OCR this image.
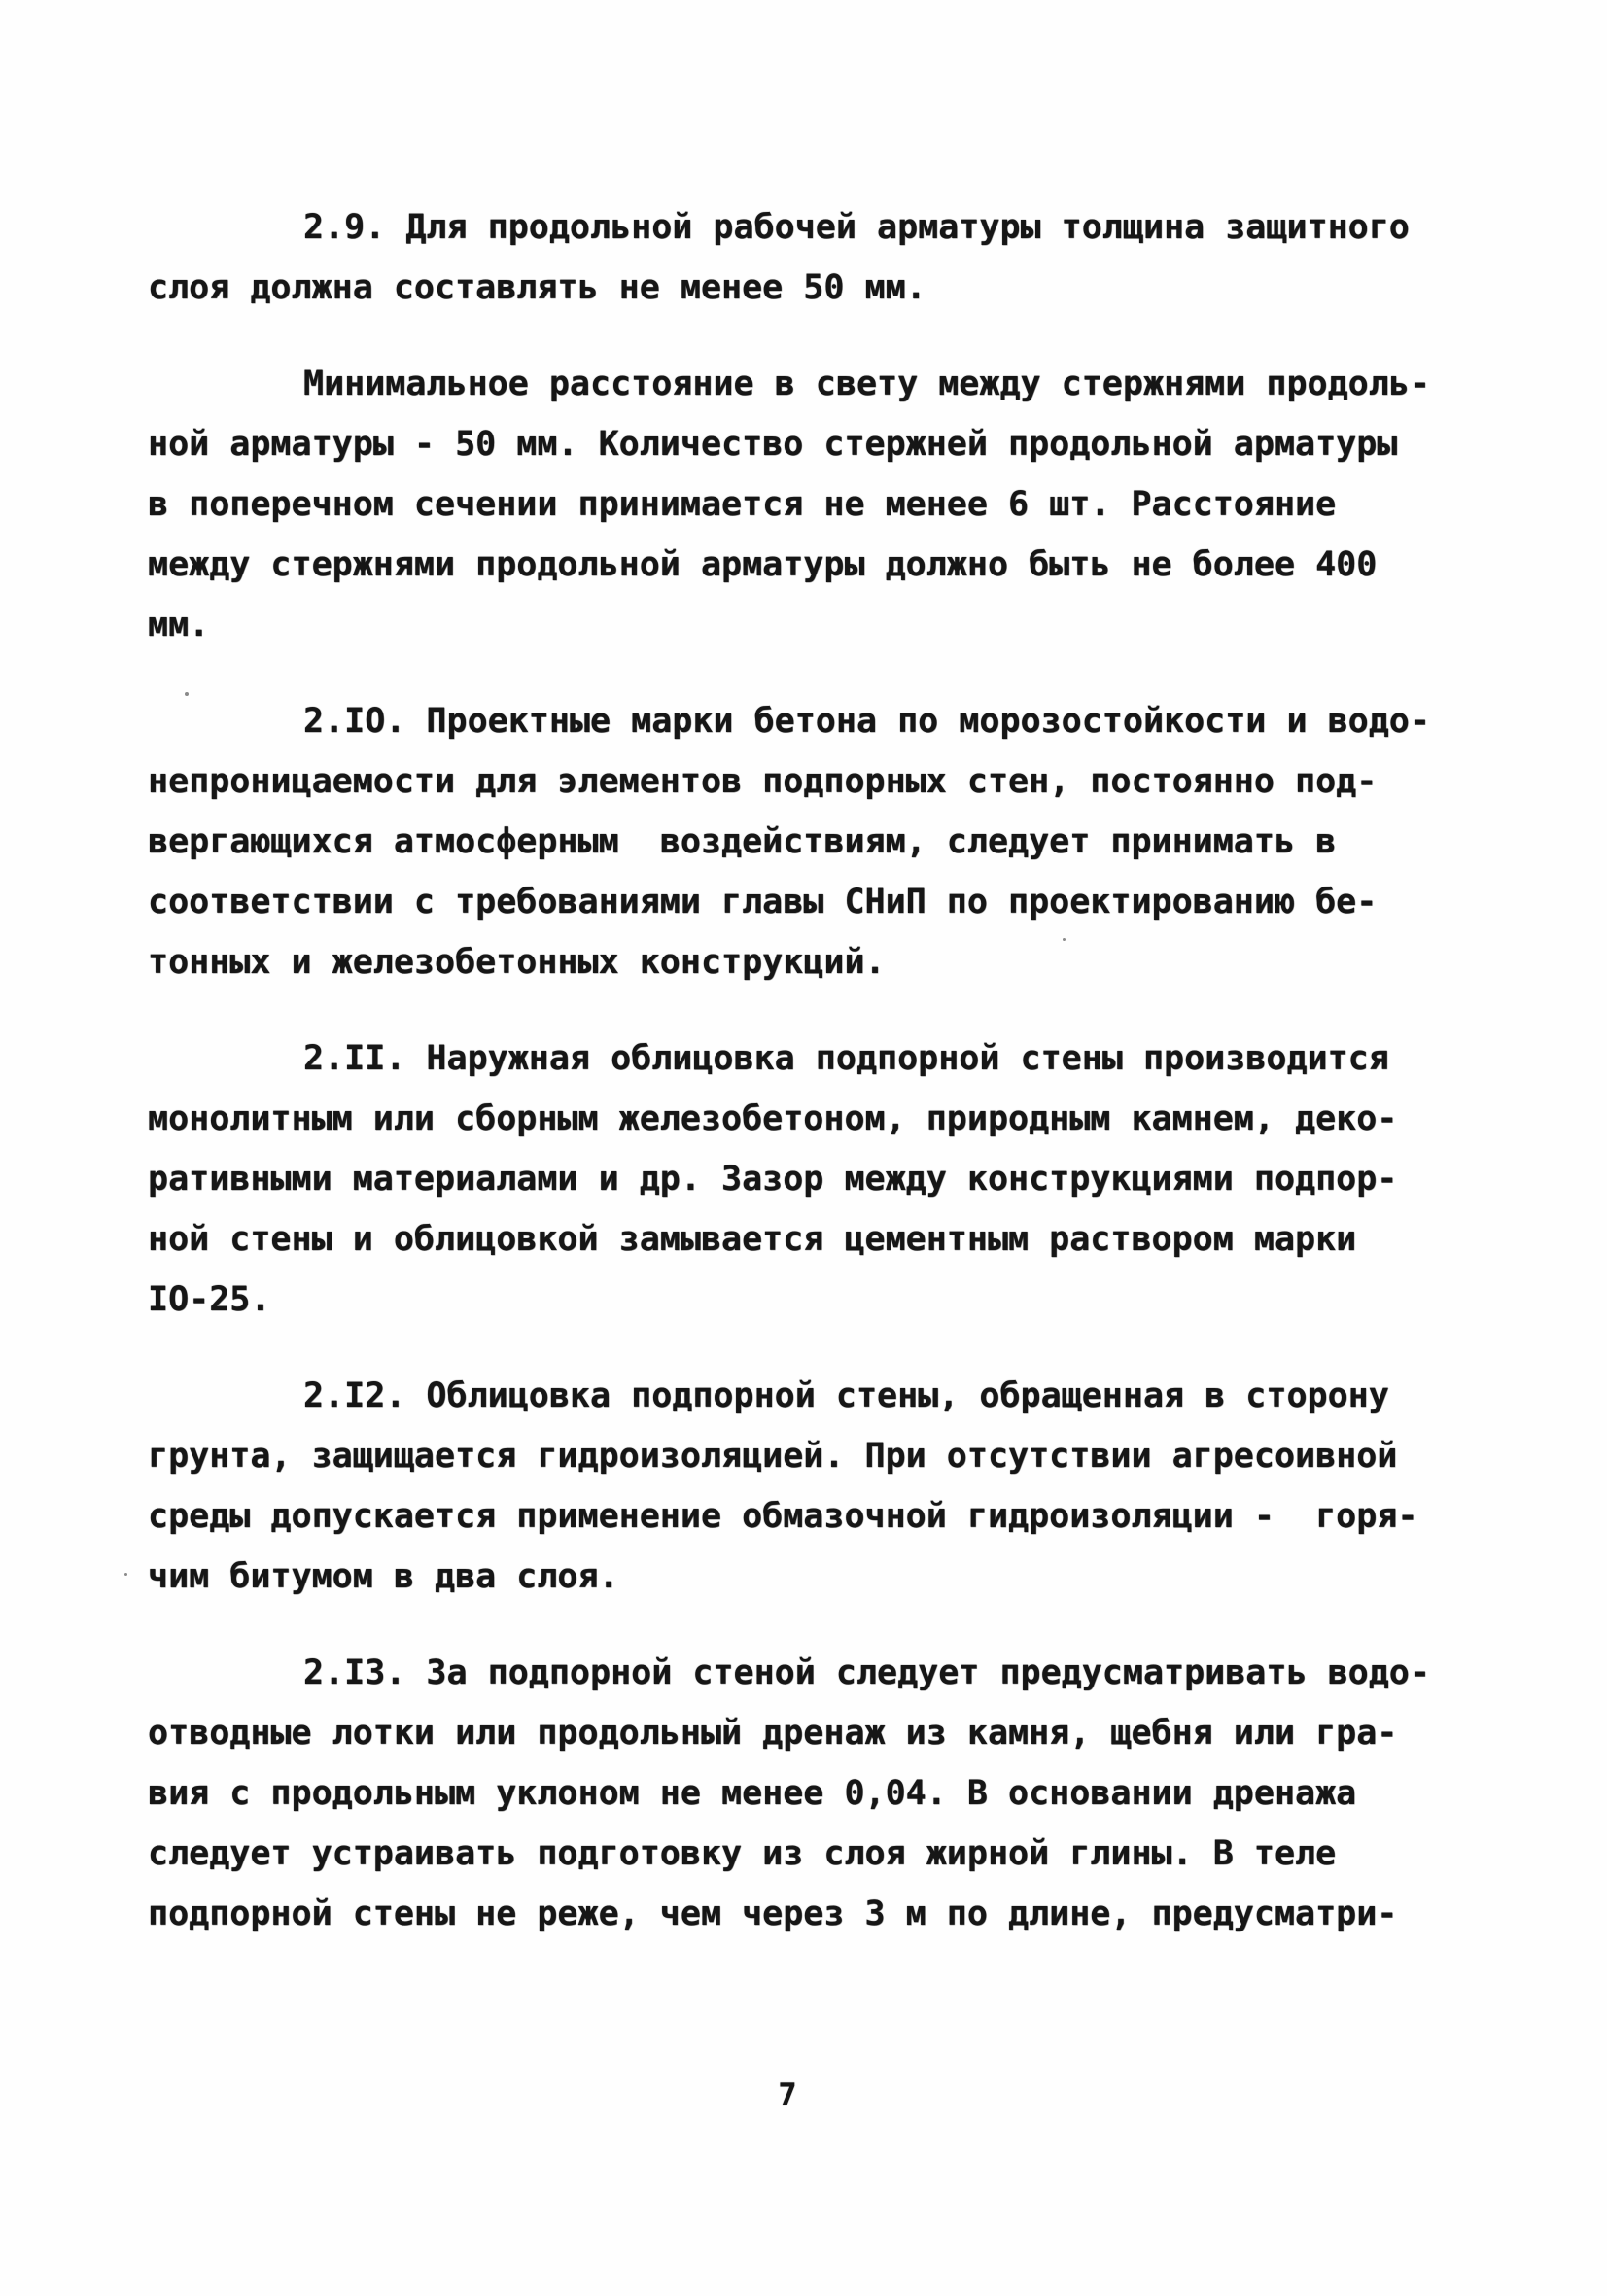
2.9. Для продольной рабочей арматуры толщина защитного
слоя должна составлять не менее 50 мм.
Минимальное расстояние в свету между стержнями продоль-
ной арматуры - 50 мм. Количество стержней продольной арматуры
в поперечном сечении принимается не менее 6 шт. Расстояние
между стержнями продольной арматуры должно быть не более 400
мм.
2.IO. Проектные марки бетона по морозостойкости и водо-
непроницаемости для элементов подпорных стен, постоянно под-
вергающихся атмосферным  воздействиям, следует принимать в
соответствии с требованиями главы СНиП по проектированию бе-
тонных и железобетонных конструкций.
2.II. Наружная облицовка подпорной стены производится
монолитным или сборным железобетоном, природным камнем, деко-
ративными материалами и др. Зазор между конструкциями подпор-
ной стены и облицовкой замывается цементным раствором марки
IO-25.
2.I2. Облицовка подпорной стены, обращенная в сторону
грунта, защищается гидроизоляцией. При отсутствии агресоивной
среды допускается применение обмазочной гидроизоляции -  горя-
чим битумом в два слоя.
2.I3. За подпорной стеной следует предусматривать водо-
отводные лотки или продольный дренаж из камня, щебня или гра-
вия с продольным уклоном не менее 0,04. В основании дренажа
следует устраивать подготовку из слоя жирной глины. В теле
подпорной стены не реже, чем через 3 м по длине, предусматри-
7
